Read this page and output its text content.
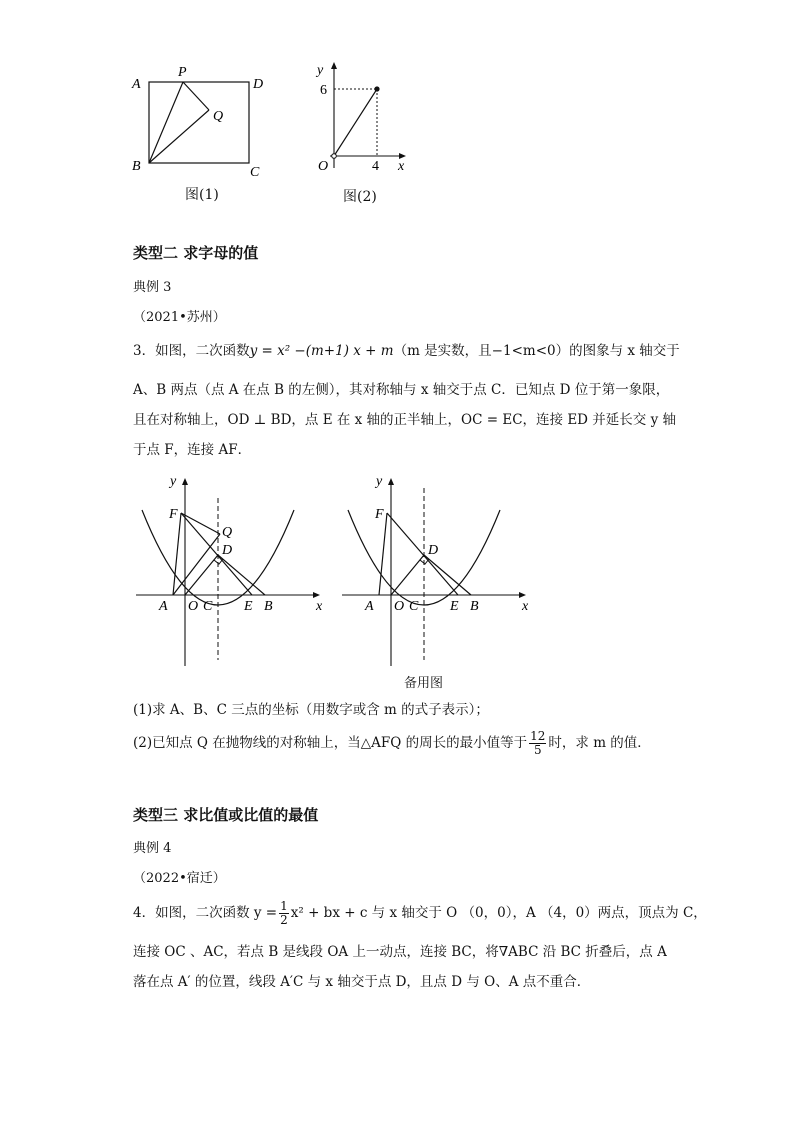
A
P
D
Q
B	C
图(1)
y
x
O
6
4
图(2)
类型二 求字母的值
典例 3
（2021•苏州）
3．如图，二次函数y = x² −(m+1) x + m（m 是实数，且−1<m<0）的图象与 x 轴交于
A、B 两点（点 A 在点 B 的左侧），其对称轴与 x 轴交于点 C．已知点 D 位于第一象限，
且在对称轴上，OD ⊥ BD，点 E 在 x 轴的正半轴上，OC = EC，连接 ED 并延长交 y 轴
于点 F，连接 AF．
y
x
F
Q
D
A O C E B
y
x
F
D
A O C E B
备用图
(1)求 A、B、C 三点的坐标（用数字或含 m 的式子表示）；
(2)已知点 Q 在抛物线的对称轴上，当△AFQ 的周长的最小值等于 $\frac{12}{5}$ 时，求 m 的值．
类型三 求比值或比值的最值
典例 4
（2022•宿迁）
4．如图，二次函数 $y = \frac{1}{2} x^2$ + bx + c 与 x 轴交于 O （0，0），A （4，0）两点，顶点为 C，
连接 OC 、AC，若点 B 是线段 OA 上一动点，连接 BC，将∇ABC 沿 BC 折叠后，点 A
落在点 A′ 的位置，线段 A′C 与 x 轴交于点 D，且点 D 与 O、A 点不重合．
